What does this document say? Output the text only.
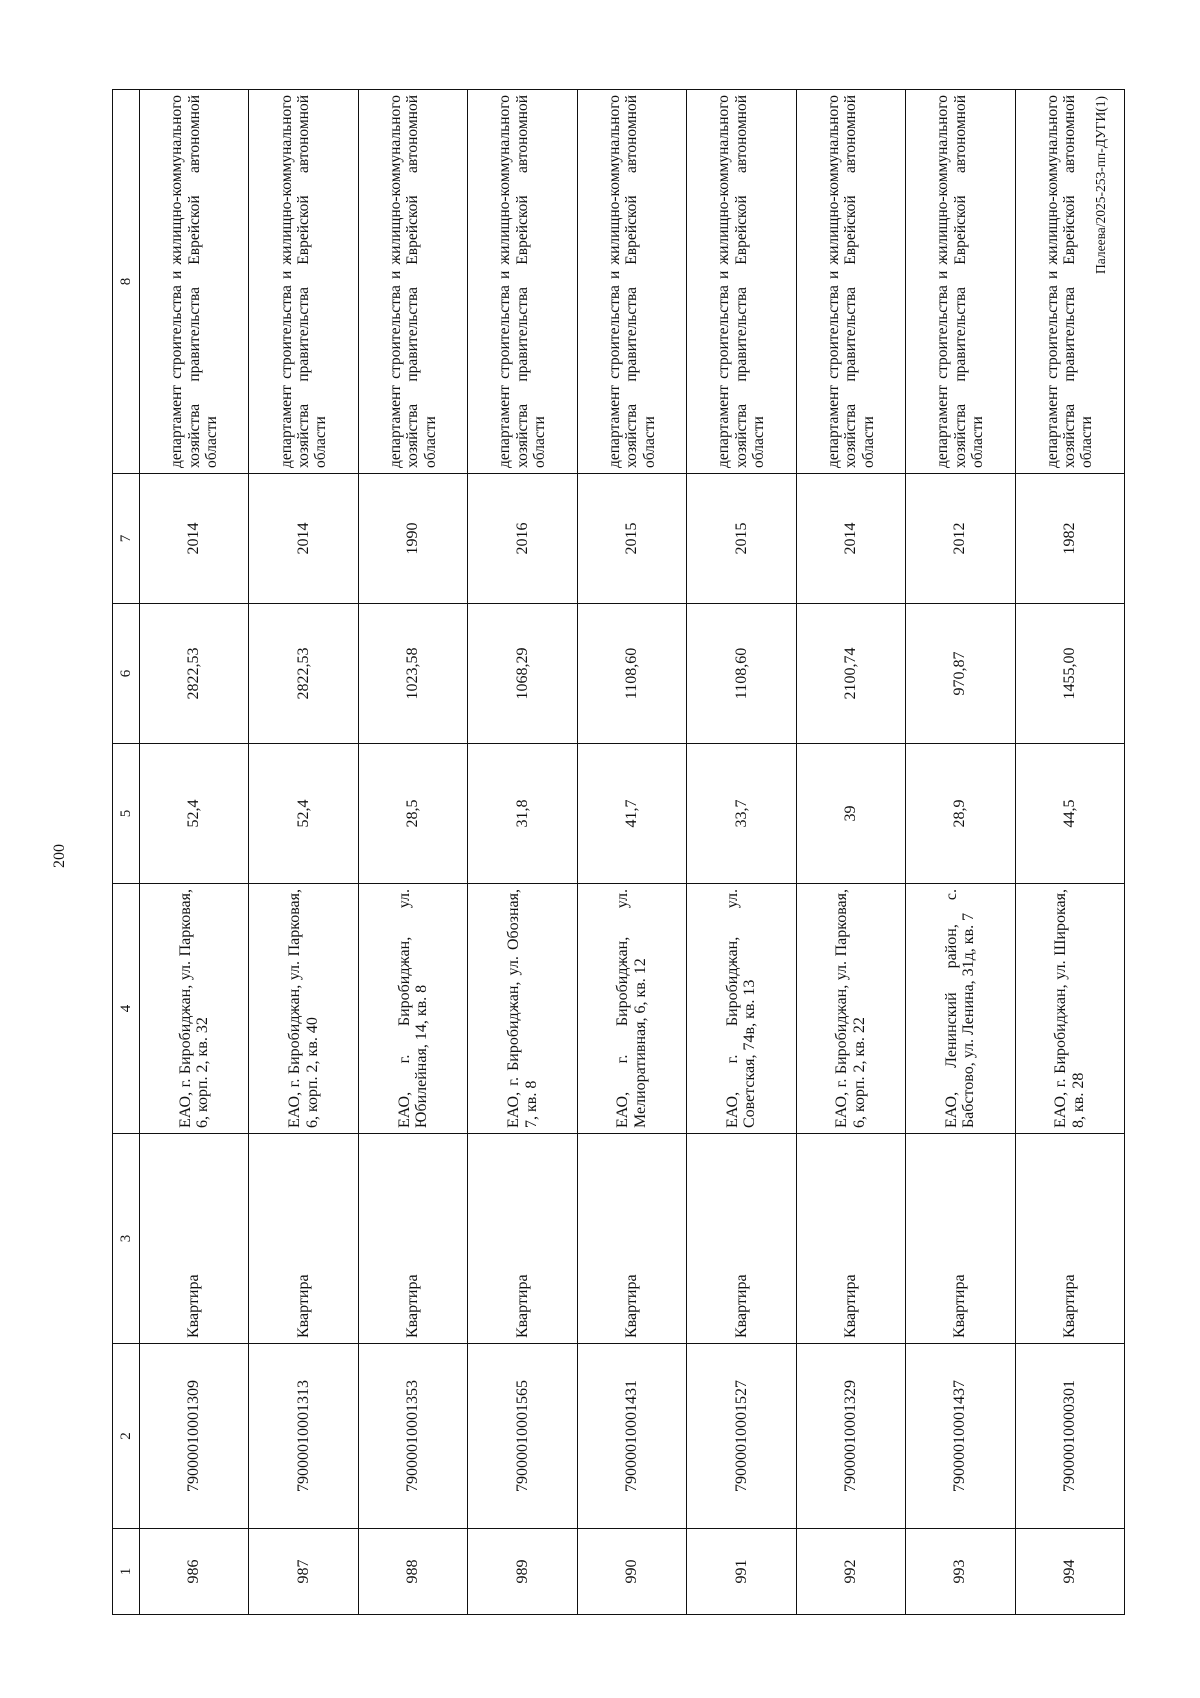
200
Палеева/2025-253-пп-ДУГИ(1)
1	2	3	4	5	6	7	8
986	79000010001309	Квартира	ЕАО, г. Биробиджан, ул. Парковая, 6, корп. 2, кв. 32	52,4	2822,53	2014	департамент строительства и жилищно-коммунального хозяйства правительства Еврейской автономной области
987	79000010001313	Квартира	ЕАО, г. Биробиджан, ул. Парковая, 6, корп. 2, кв. 40	52,4	2822,53	2014	департамент строительства и жилищно-коммунального хозяйства правительства Еврейской автономной области
988	79000010001353	Квартира	ЕАО, г. Биробиджан, ул. Юбилейная, 14, кв. 8	28,5	1023,58	1990	департамент строительства и жилищно-коммунального хозяйства правительства Еврейской автономной области
989	79000010001565	Квартира	ЕАО, г. Биробиджан, ул. Обозная, 7, кв. 8	31,8	1068,29	2016	департамент строительства и жилищно-коммунального хозяйства правительства Еврейской автономной области
990	79000010001431	Квартира	ЕАО, г. Биробиджан, ул. Мелиоративная, 6, кв. 12	41,7	1108,60	2015	департамент строительства и жилищно-коммунального хозяйства правительства Еврейской автономной области
991	79000010001527	Квартира	ЕАО, г. Биробиджан, ул. Советская, 74в, кв. 13	33,7	1108,60	2015	департамент строительства и жилищно-коммунального хозяйства правительства Еврейской автономной области
992	79000010001329	Квартира	ЕАО, г. Биробиджан, ул. Парковая, 6, корп. 2, кв. 22	39	2100,74	2014	департамент строительства и жилищно-коммунального хозяйства правительства Еврейской автономной области
993	79000010001437	Квартира	ЕАО, Ленинский район, с. Бабстово, ул. Ленина, 31д, кв. 7	28,9	970,87	2012	департамент строительства и жилищно-коммунального хозяйства правительства Еврейской автономной области
994	79000010000301	Квартира	ЕАО, г. Биробиджан, ул. Широкая, 8, кв. 28	44,5	1455,00	1982	департамент строительства и жилищно-коммунального хозяйства правительства Еврейской автономной области
